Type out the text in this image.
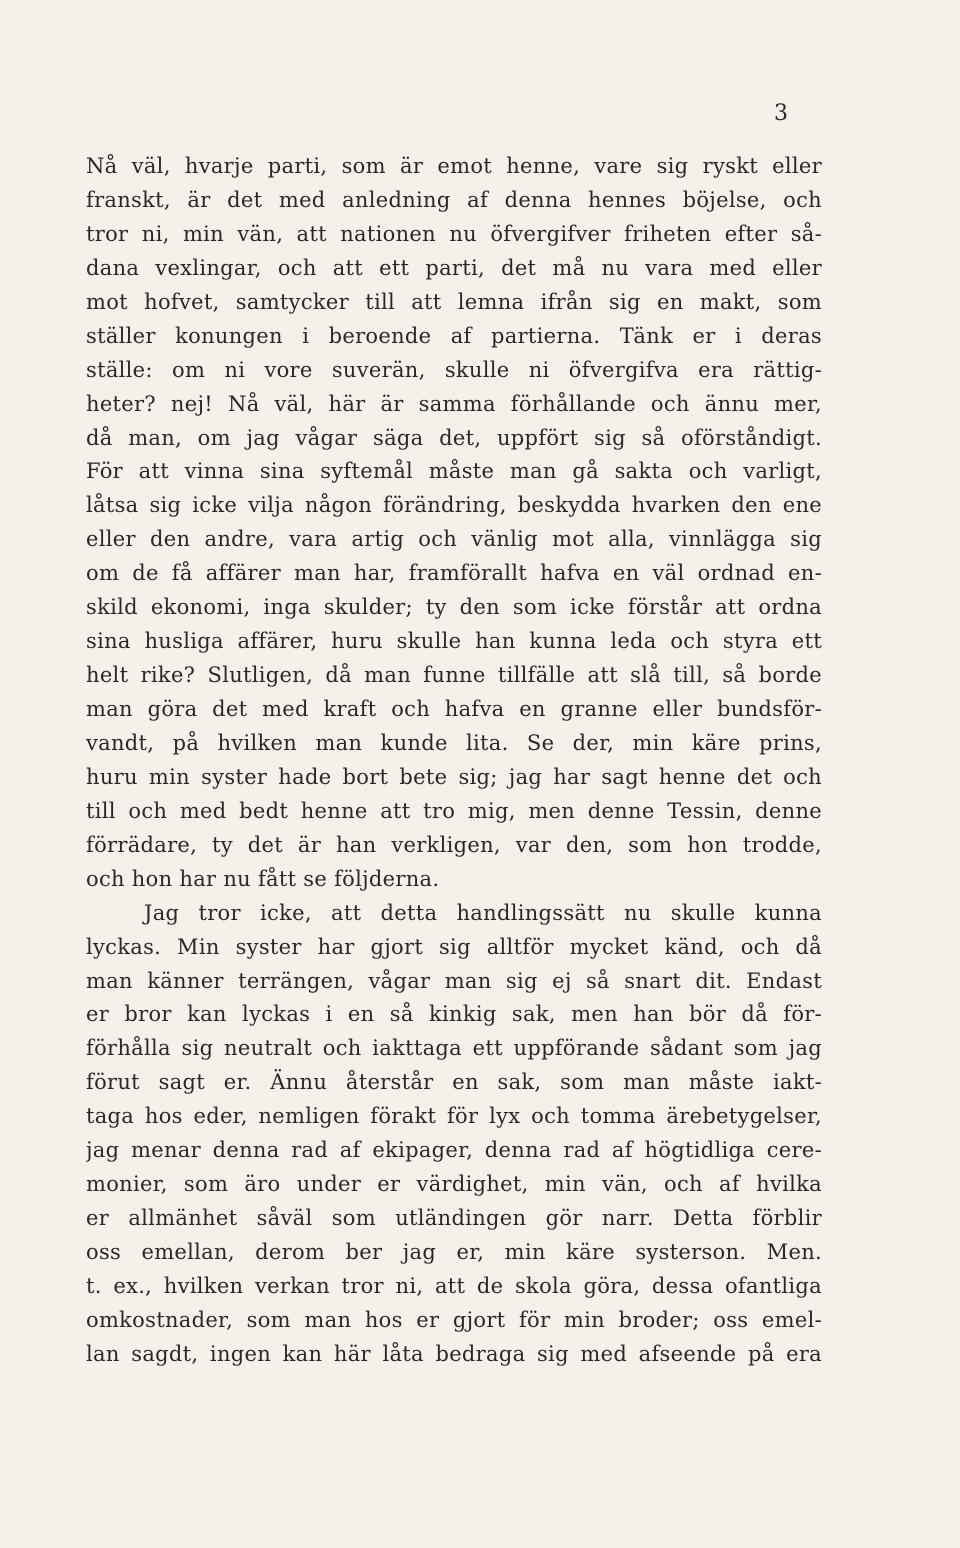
3
Nå väl, hvarje parti, som är emot henne, vare sig ryskt eller
franskt, är det med anledning af denna hennes böjelse, och
tror ni, min vän, att nationen nu öfvergifver friheten efter så-
dana vexlingar, och att ett parti, det må nu vara med eller
mot hofvet, samtycker till att lemna ifrån sig en makt, som
ställer konungen i beroende af partierna. Tänk er i deras
ställe: om ni vore suverän, skulle ni öfvergifva era rättig-
heter? nej! Nå väl, här är samma förhållande och ännu mer,
då man, om jag vågar säga det, uppfört sig så oförståndigt.
För att vinna sina syftemål måste man gå sakta och varligt,
låtsa sig icke vilja någon förändring, beskydda hvarken den ene
eller den andre, vara artig och vänlig mot alla, vinnlägga sig
om de få affärer man har, framförallt hafva en väl ordnad en-
skild ekonomi, inga skulder; ty den som icke förstår att ordna
sina husliga affärer, huru skulle han kunna leda och styra ett
helt rike? Slutligen, då man funne tillfälle att slå till, så borde
man göra det med kraft och hafva en granne eller bundsför-
vandt, på hvilken man kunde lita. Se der, min käre prins,
huru min syster hade bort bete sig; jag har sagt henne det och
till och med bedt henne att tro mig, men denne Tessin, denne
förrädare, ty det är han verkligen, var den, som hon trodde,
och hon har nu fått se följderna.
Jag tror icke, att detta handlingssätt nu skulle kunna
lyckas. Min syster har gjort sig alltför mycket känd, och då
man känner terrängen, vågar man sig ej så snart dit. Endast
er bror kan lyckas i en så kinkig sak, men han bör då för-
förhålla sig neutralt och iakttaga ett uppförande sådant som jag
förut sagt er. Ännu återstår en sak, som man måste iakt-
taga hos eder, nemligen förakt för lyx och tomma ärebetygelser,
jag menar denna rad af ekipager, denna rad af högtidliga cere-
monier, som äro under er värdighet, min vän, och af hvilka
er allmänhet såväl som utländingen gör narr. Detta förblir
oss emellan, derom ber jag er, min käre systerson. Men.
t. ex., hvilken verkan tror ni, att de skola göra, dessa ofantliga
omkostnader, som man hos er gjort för min broder; oss emel-
lan sagdt, ingen kan här låta bedraga sig med afseende på era
